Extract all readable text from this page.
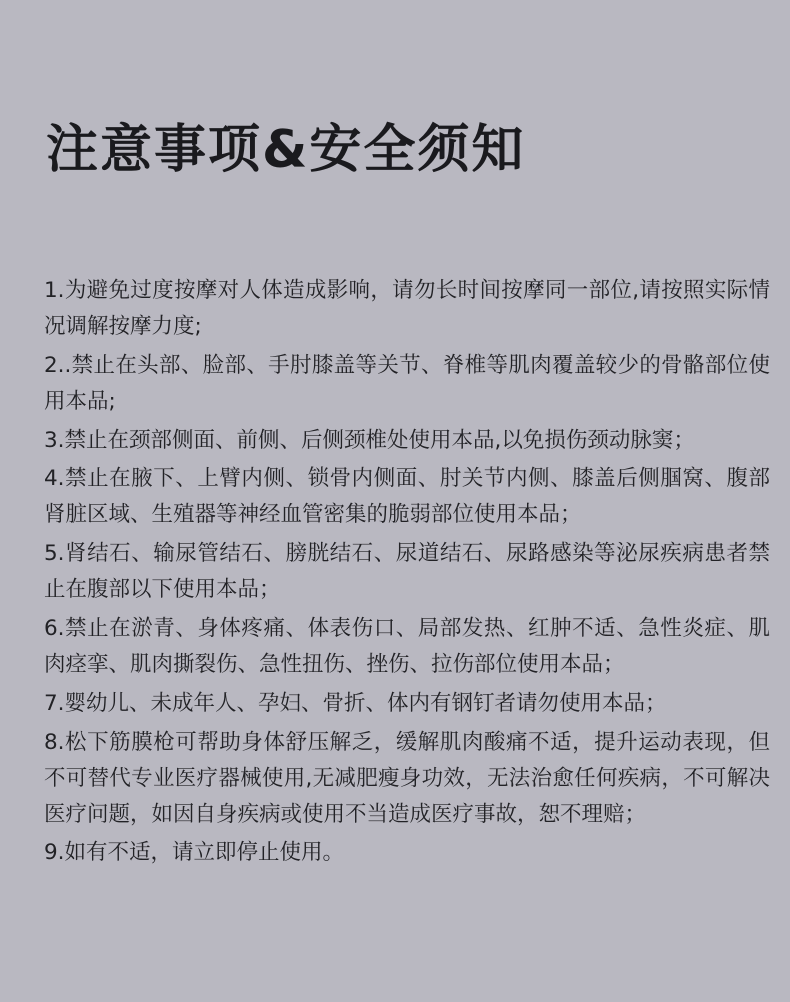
注意事项&安全须知

1.为避免过度按摩对人体造成影响，请勿长时间按摩同一部位,请按照实际情况调解按摩力度;

2..禁止在头部、脸部、手肘膝盖等关节、脊椎等肌肉覆盖较少的骨骼部位使用本品;

3.禁止在颈部侧面、前侧、后侧颈椎处使用本品,以免损伤颈动脉窦；

4.禁止在腋下、上臂内侧、锁骨内侧面、肘关节内侧、膝盖后侧腘窝、腹部肾脏区域、生殖器等神经血管密集的脆弱部位使用本品；

5.肾结石、输尿管结石、膀胱结石、尿道结石、尿路感染等泌尿疾病患者禁止在腹部以下使用本品；

6.禁止在淤青、身体疼痛、体表伤口、局部发热、红肿不适、急性炎症、肌肉痉挛、肌肉撕裂伤、急性扭伤、挫伤、拉伤部位使用本品；

7.婴幼儿、未成年人、孕妇、骨折、体内有钢钉者请勿使用本品；

8.松下筋膜枪可帮助身体舒压解乏，缓解肌肉酸痛不适，提升运动表现，但不可替代专业医疗器械使用,无减肥瘦身功效，无法治愈任何疾病，不可解决医疗问题，如因自身疾病或使用不当造成医疗事故，恕不理赔；

9.如有不适，请立即停止使用。
